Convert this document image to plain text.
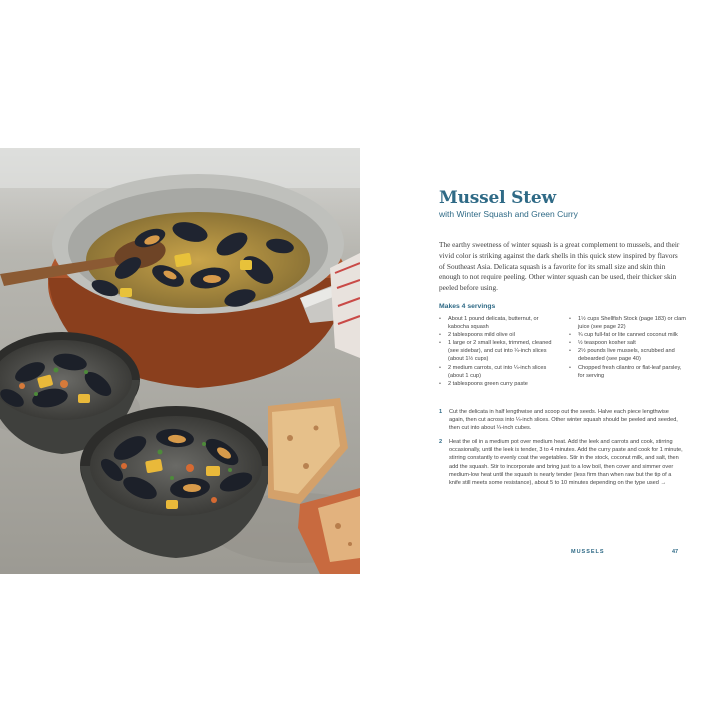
Mussel Stew

with Winter Squash and Green Curry

The earthy sweetness of winter squash is a great complement to mussels, and their vivid color is striking against the dark shells in this quick stew inspired by flavors of Southeast Asia. Delicata squash is a favorite for its small size and skin thin enough to not require peeling. Other winter squash can be used, their thicker skin peeled before using.

Makes 4 servings

• About 1 pound delicata, butternut, or kabocha squash
• 2 tablespoons mild olive oil
• 1 large or 2 small leeks, trimmed, cleaned (see sidebar), and cut into ¼-inch slices (about 1½ cups)
• 2 medium carrots, cut into ¼-inch slices (about 1 cup)
• 2 tablespoons green curry paste
• 1½ cups Shellfish Stock (page 183) or clam juice (see page 22)
• ¾ cup full-fat or lite canned coconut milk
• ½ teaspoon kosher salt
• 2½ pounds live mussels, scrubbed and debearded (see page 40)
• Chopped fresh cilantro or flat-leaf parsley, for serving
1 Cut the delicata in half lengthwise and scoop out the seeds. Halve each piece lengthwise again, then cut across into ¼-inch slices. Other winter squash should be peeled and seeded, then cut into about ¼-inch cubes.
2 Heat the oil in a medium pot over medium heat. Add the leek and carrots and cook, stirring occasionally, until the leek is tender, 3 to 4 minutes. Add the curry paste and cook for 1 minute, stirring constantly to evenly coat the vegetables. Stir in the stock, coconut milk, and salt, then add the squash. Stir to incorporate and bring just to a low boil, then cover and simmer over medium-low heat until the squash is nearly tender (less firm than when raw but the tip of a knife still meets some resistance), about 5 to 10 minutes depending on the type used →

MUSSELS	47
